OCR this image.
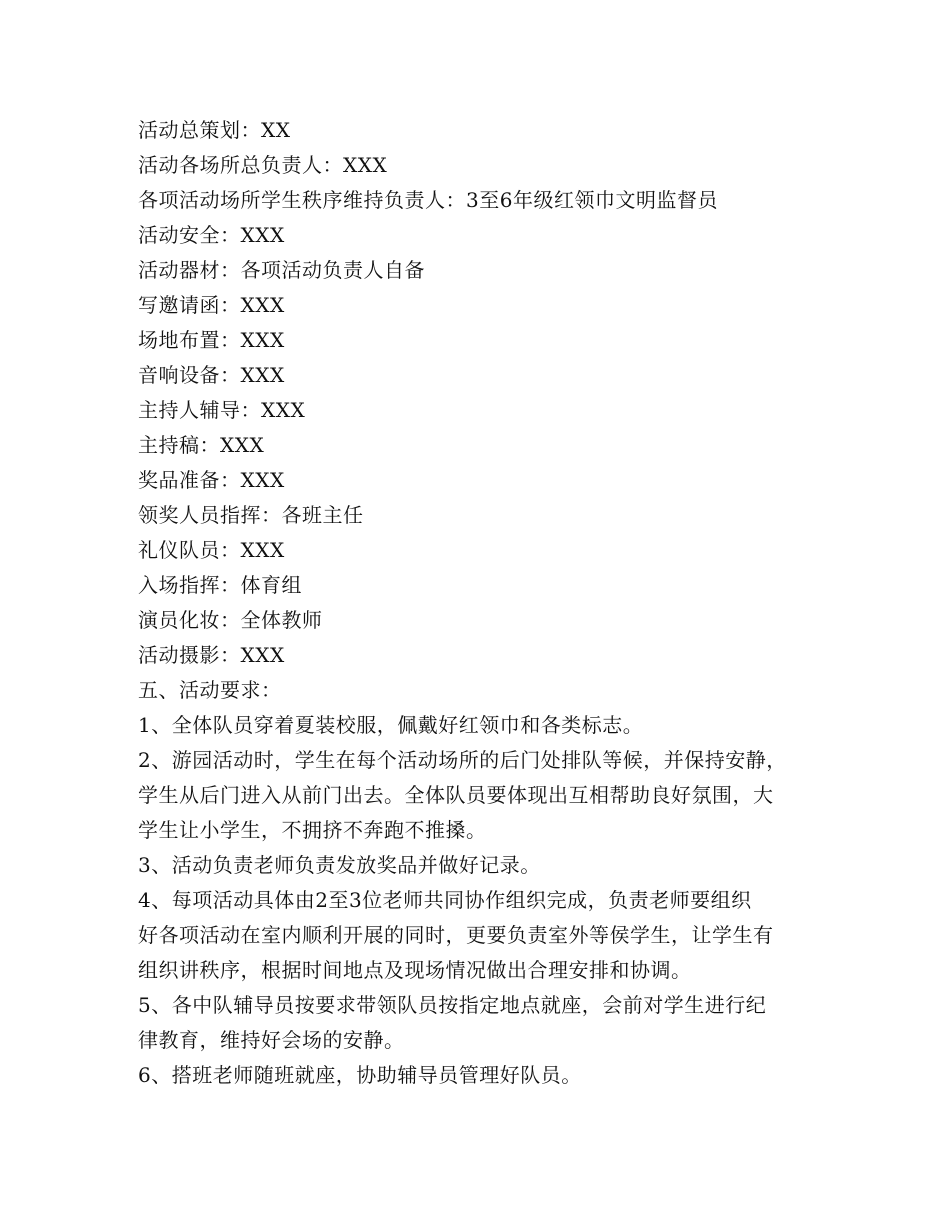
活动总策划：XX
活动各场所总负责人：XXX
各项活动场所学生秩序维持负责人：3至6年级红领巾文明监督员
活动安全：XXX
活动器材：各项活动负责人自备
写邀请函：XXX
场地布置：XXX
音响设备：XXX
主持人辅导：XXX
主持稿：XXX
奖品准备：XXX
领奖人员指挥：各班主任
礼仪队员：XXX
入场指挥：体育组
演员化妆：全体教师
活动摄影：XXX
五、活动要求：
1、全体队员穿着夏装校服，佩戴好红领巾和各类标志。
2、游园活动时，学生在每个活动场所的后门处排队等候，并保持安静，
学生从后门进入从前门出去。全体队员要体现出互相帮助良好氛围，大
学生让小学生，不拥挤不奔跑不推搡。
3、活动负责老师负责发放奖品并做好记录。
4、每项活动具体由2至3位老师共同协作组织完成，负责老师要组织
好各项活动在室内顺利开展的同时，更要负责室外等侯学生，让学生有
组织讲秩序，根据时间地点及现场情况做出合理安排和协调。
5、各中队辅导员按要求带领队员按指定地点就座，会前对学生进行纪
律教育，维持好会场的安静。
6、搭班老师随班就座，协助辅导员管理好队员。
